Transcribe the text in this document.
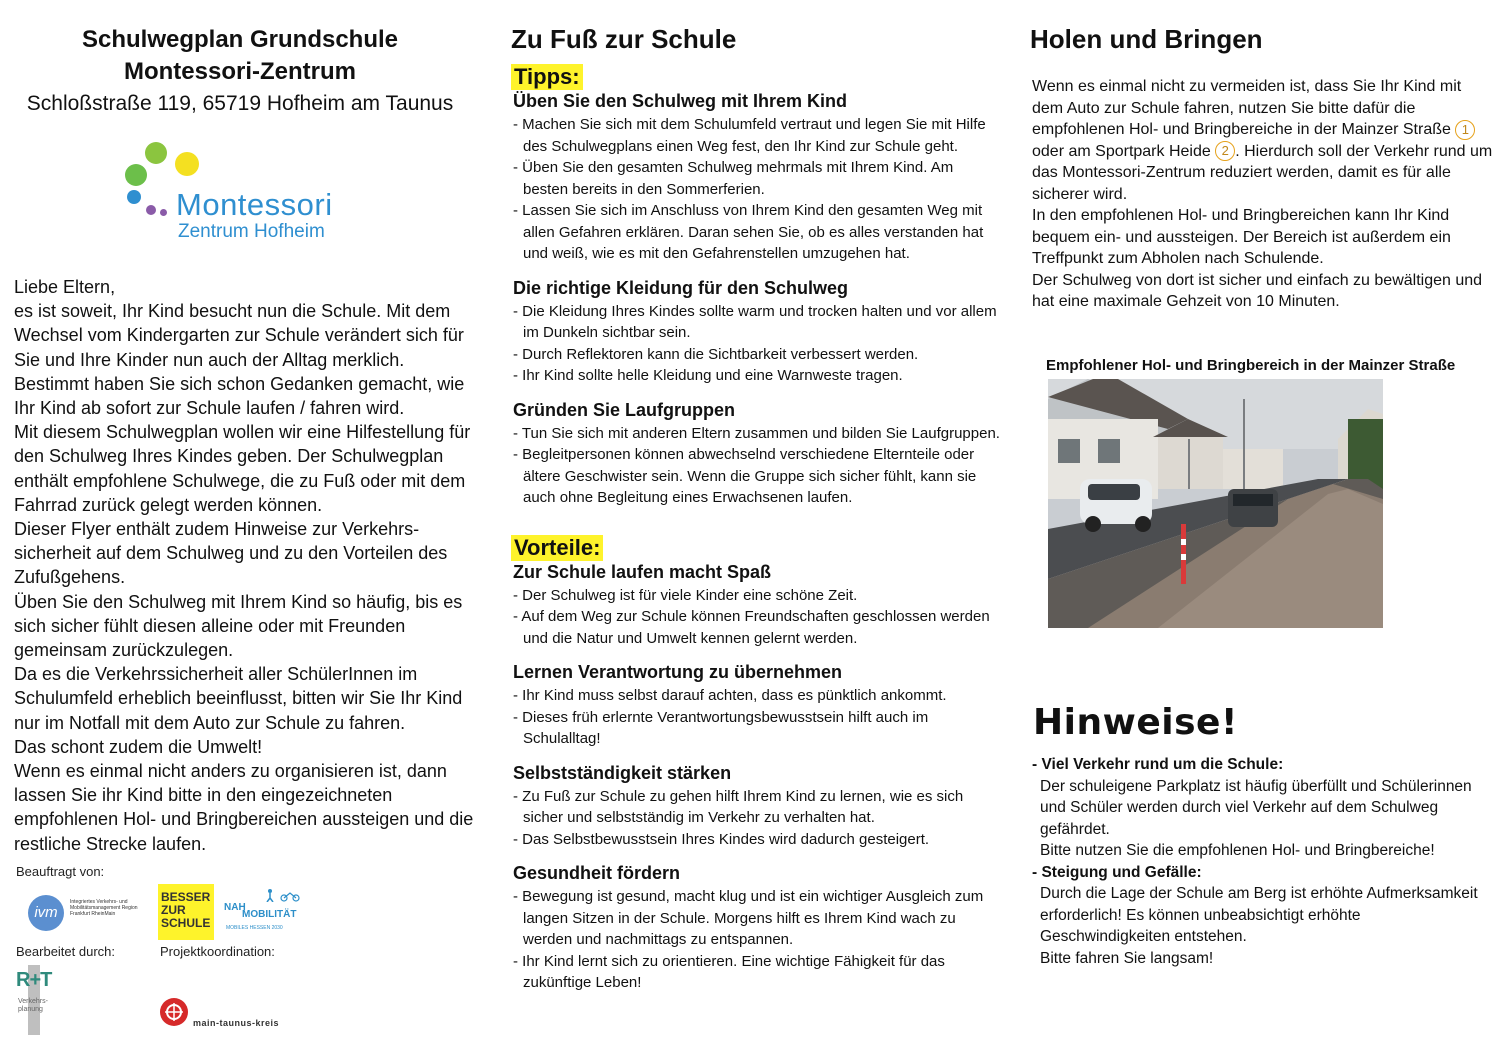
Schulwegplan Grundschule
Montessori-Zentrum
Schloßstraße 119, 65719 Hofheim am Taunus
Montessori
Zentrum Hofheim

Liebe Eltern,

es ist soweit, Ihr Kind besucht nun die Schule. Mit dem Wechsel vom Kindergarten zur Schule verändert sich für Sie und Ihre Kinder nun auch der Alltag merklich. Bestimmt haben Sie sich schon Gedanken gemacht, wie Ihr Kind ab sofort zur Schule laufen / fahren wird.

Mit diesem Schulwegplan wollen wir eine Hilfestellung für den Schulweg Ihres Kindes geben. Der Schulwegplan enthält empfohlene Schulwege, die zu Fuß oder mit dem Fahrrad zurück gelegt werden können.

Dieser Flyer enthält zudem Hinweise zur Verkehrs-sicherheit auf dem Schulweg und zu den Vorteilen des Zufußgehens.

Üben Sie den Schulweg mit Ihrem Kind so häufig, bis es sich sicher fühlt diesen alleine oder mit Freunden gemeinsam zurückzulegen.

Da es die Verkehrssicherheit aller SchülerInnen im Schulumfeld erheblich beeinflusst, bitten wir Sie Ihr Kind nur im Notfall mit dem Auto zur Schule zu fahren.

Das schont zudem die Umwelt!

Wenn es einmal nicht anders zu organisieren ist, dann lassen Sie ihr Kind bitte in den eingezeichneten empfohlenen Hol- und Bringbereichen aussteigen und die restliche Strecke laufen.

Beauftragt von:
ivm
Integriertes Verkehrs- und Mobilitätsmanagement Region Frankfurt RheinMain
BESSER ZUR SCHULE
NAH
MOBILITÄT
MOBILES HESSEN 2030
Bearbeitet durch:	Projektkoordination:
R+T
Verkehrs-planung
main-taunus-kreis
Zu Fuß zur Schule
Tipps:
Üben Sie den Schulweg mit Ihrem Kind
- Machen Sie sich mit dem Schulumfeld vertraut und legen Sie mit Hilfe des Schulwegplans einen Weg fest, den Ihr Kind zur Schule geht.
- Üben Sie den gesamten Schulweg mehrmals mit Ihrem Kind. Am besten bereits in den Sommerferien.
- Lassen Sie sich im Anschluss von Ihrem Kind den gesamten Weg mit allen Gefahren erklären. Daran sehen Sie, ob es alles verstanden hat und weiß, wie es mit den Gefahrenstellen umzugehen hat.
Die richtige Kleidung für den Schulweg
- Die Kleidung Ihres Kindes sollte warm und trocken halten und vor allem im Dunkeln sichtbar sein.
- Durch Reflektoren kann die Sichtbarkeit verbessert werden.
- Ihr Kind sollte helle Kleidung und eine Warnweste tragen.
Gründen Sie Laufgruppen
- Tun Sie sich mit anderen Eltern zusammen und bilden Sie Laufgruppen.
- Begleitpersonen können abwechselnd verschiedene Elternteile oder ältere Geschwister sein. Wenn die Gruppe sich sicher fühlt, kann sie auch ohne Begleitung eines Erwachsenen laufen.
Vorteile:
Zur Schule laufen macht Spaß
- Der Schulweg ist für viele Kinder eine schöne Zeit.
- Auf dem Weg zur Schule können Freundschaften geschlossen werden und die Natur und Umwelt kennen gelernt werden.
Lernen Verantwortung zu übernehmen
- Ihr Kind muss selbst darauf achten, dass es pünktlich ankommt.
- Dieses früh erlernte Verantwortungsbewusstsein hilft auch im Schulalltag!
Selbstständigkeit stärken
- Zu Fuß zur Schule zu gehen hilft Ihrem Kind zu lernen, wie es sich sicher und selbstständig im Verkehr zu verhalten hat.
- Das Selbstbewusstsein Ihres Kindes wird dadurch gesteigert.
Gesundheit fördern
- Bewegung ist gesund, macht klug und ist ein wichtiger Ausgleich zum langen Sitzen in der Schule. Morgens hilft es Ihrem Kind wach zu werden und nachmittags zu entspannen.
- Ihr Kind lernt sich zu orientieren. Eine wichtige Fähigkeit für das zukünftige Leben!
Holen und Bringen

Wenn es einmal nicht zu vermeiden ist, dass Sie Ihr Kind mit dem Auto zur Schule fahren, nutzen Sie bitte dafür die empfohlenen Hol- und Bringbereiche in der Mainzer Straße 1 oder am Sportpark Heide 2 . Hierdurch soll der Verkehr rund um das Montessori-Zentrum reduziert werden, damit es für alle sicherer wird.

In den empfohlenen Hol- und Bringbereichen kann Ihr Kind bequem ein- und aussteigen. Der Bereich ist außerdem ein Treffpunkt zum Abholen nach Schulende.

Der Schulweg von dort ist sicher und einfach zu bewältigen und hat eine maximale Gehzeit von 10 Minuten.

Empfohlener Hol- und Bringbereich in der Mainzer Straße
Hinweise!
- Viel Verkehr rund um die Schule:
Der schuleigene Parkplatz ist häufig überfüllt und Schülerinnen und Schüler werden durch viel Verkehr auf dem Schulweg gefährdet.
Bitte nutzen Sie die empfohlenen Hol- und Bringbereiche!
- Steigung und Gefälle:
Durch die Lage der Schule am Berg ist erhöhte Aufmerksamkeit erforderlich! Es können unbeabsichtigt erhöhte Geschwindigkeiten entstehen.
Bitte fahren Sie langsam!
